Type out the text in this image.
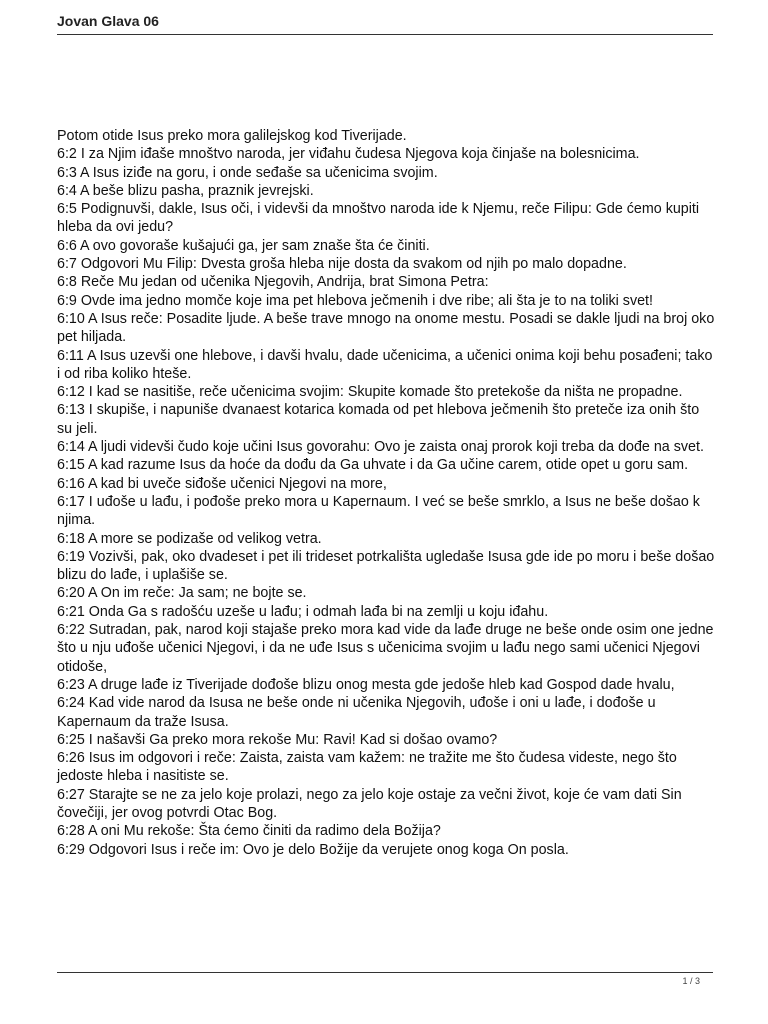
Jovan Glava 06

Potom otide Isus preko mora galilejskog kod Tiverijade.

6:2 I za Njim iđaše mnoštvo naroda, jer viđahu čudesa Njegova koja činjaše na bolesnicima.

6:3 A Isus iziđe na goru, i onde seđaše sa učenicima svojim.

6:4 A beše blizu pasha, praznik jevrejski.

6:5 Podignuvši, dakle, Isus oči, i videvši da mnoštvo naroda ide k Njemu, reče Filipu: Gde ćemo kupiti hleba da ovi jedu?

6:6 A ovo govoraše kušajući ga, jer sam znaše šta će činiti.

6:7 Odgovori Mu Filip: Dvesta groša hleba nije dosta da svakom od njih po malo dopadne.

6:8 Reče Mu jedan od učenika Njegovih, Andrija, brat Simona Petra:

6:9 Ovde ima jedno momče koje ima pet hlebova ječmenih i dve ribe; ali šta je to na toliki svet!

6:10 A Isus reče: Posadite ljude. A beše trave mnogo na onome mestu. Posadi se dakle ljudi na broj oko pet hiljada.

6:11 A Isus uzevši one hlebove, i davši hvalu, dade učenicima, a učenici onima koji behu posađeni; tako i od riba koliko hteše.

6:12 I kad se nasitiše, reče učenicima svojim: Skupite komade što pretekoše da ništa ne propadne.

6:13 I skupiše, i napuniše dvanaest kotarica komada od pet hlebova ječmenih što preteče iza onih što su jeli.

6:14 A ljudi videvši čudo koje učini Isus govorahu: Ovo je zaista onaj prorok koji treba da dođe na svet.

6:15 A kad razume Isus da hoće da dođu da Ga uhvate i da Ga učine carem, otide opet u goru sam.

6:16 A kad bi uveče siđoše učenici Njegovi na more,

6:17 I uđoše u lađu, i pođoše preko mora u Kapernaum. I već se beše smrklo, a Isus ne beše došao k njima.

6:18 A more se podizaše od velikog vetra.

6:19 Vozivši, pak, oko dvadeset i pet ili trideset potrkališta ugledaše Isusa gde ide po moru i beše došao blizu do lađe, i uplašiše se.

6:20 A On im reče: Ja sam; ne bojte se.

6:21 Onda Ga s radošću uzeše u lađu; i odmah lađa bi na zemlji u koju iđahu.

6:22 Sutradan, pak, narod koji stajaše preko mora kad vide da lađe druge ne beše onde osim one jedne što u nju uđoše učenici Njegovi, i da ne uđe Isus s učenicima svojim u lađu nego sami učenici Njegovi otidoše,

6:23 A druge lađe iz Tiverijade dođoše blizu onog mesta gde jedoše hleb kad Gospod dade hvalu,

6:24 Kad vide narod da Isusa ne beše onde ni učenika Njegovih, uđoše i oni u lađe, i dođoše u Kapernaum da traže Isusa.

6:25 I našavši Ga preko mora rekoše Mu: Ravi! Kad si došao ovamo?

6:26 Isus im odgovori i reče: Zaista, zaista vam kažem: ne tražite me što čudesa videste, nego što jedoste hleba i nasitiste se.

6:27 Starajte se ne za jelo koje prolazi, nego za jelo koje ostaje za večni život, koje će vam dati Sin čovečiji, jer ovog potvrdi Otac Bog.

6:28 A oni Mu rekoše: Šta ćemo činiti da radimo dela Božija?

6:29 Odgovori Isus i reče im: Ovo je delo Božije da verujete onog koga On posla.

1 / 3
